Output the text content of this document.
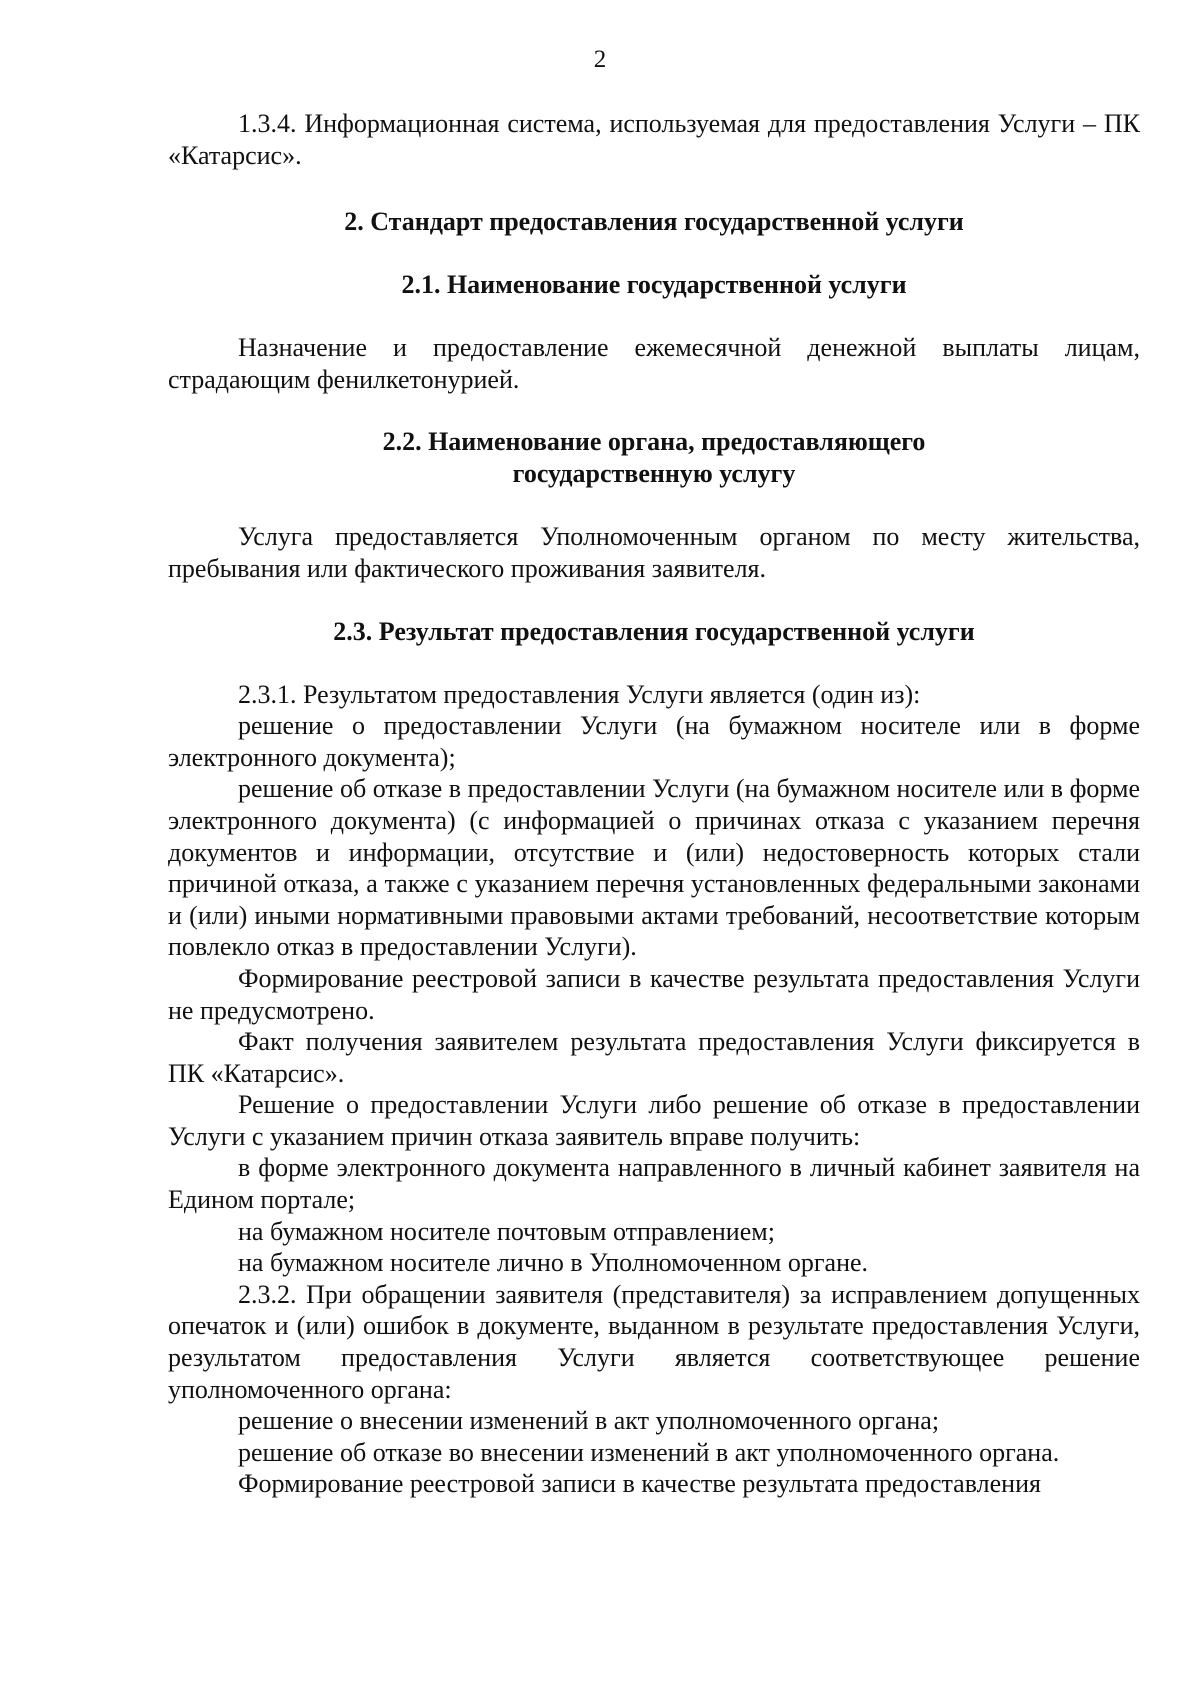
2

1.3.4. Информационная система, используемая для предоставления Услуги – ПК «Катарсис».

2. Стандарт предоставления государственной услуги

2.1. Наименование государственной услуги

Назначение и предоставление ежемесячной денежной выплаты лицам, страдающим фенилкетонурией.

2.2. Наименование органа, предоставляющего

государственную услугу

Услуга предоставляется Уполномоченным органом по месту жительства, пребывания или фактического проживания заявителя.

2.3. Результат предоставления государственной услуги

2.3.1. Результатом предоставления Услуги является (один из):

решение о предоставлении Услуги (на бумажном носителе или в форме электронного документа);

решение об отказе в предоставлении Услуги (на бумажном носителе или в форме электронного документа) (с информацией о причинах отказа с указанием перечня документов и информации, отсутствие и (или) недостоверность которых стали причиной отказа, а также с указанием перечня установленных федеральными законами и (или) иными нормативными правовыми актами требований, несоответствие которым повлекло отказ в предоставлении Услуги).

Формирование реестровой записи в качестве результата предоставления Услуги не предусмотрено.

Факт получения заявителем результата предоставления Услуги фиксируется в ПК «Катарсис».

Решение о предоставлении Услуги либо решение об отказе в предоставлении Услуги с указанием причин отказа заявитель вправе получить:

в форме электронного документа направленного в личный кабинет заявителя на Едином портале;

на бумажном носителе почтовым отправлением;

на бумажном носителе лично в Уполномоченном органе.

2.3.2. При обращении заявителя (представителя) за исправлением допущенных опечаток и (или) ошибок в документе, выданном в результате предоставления Услуги, результатом предоставления Услуги является соответствующее решение уполномоченного органа:

решение о внесении изменений в акт уполномоченного органа;

решение об отказе во внесении изменений в акт уполномоченного органа.

Формирование реестровой записи в качестве результата предоставления
